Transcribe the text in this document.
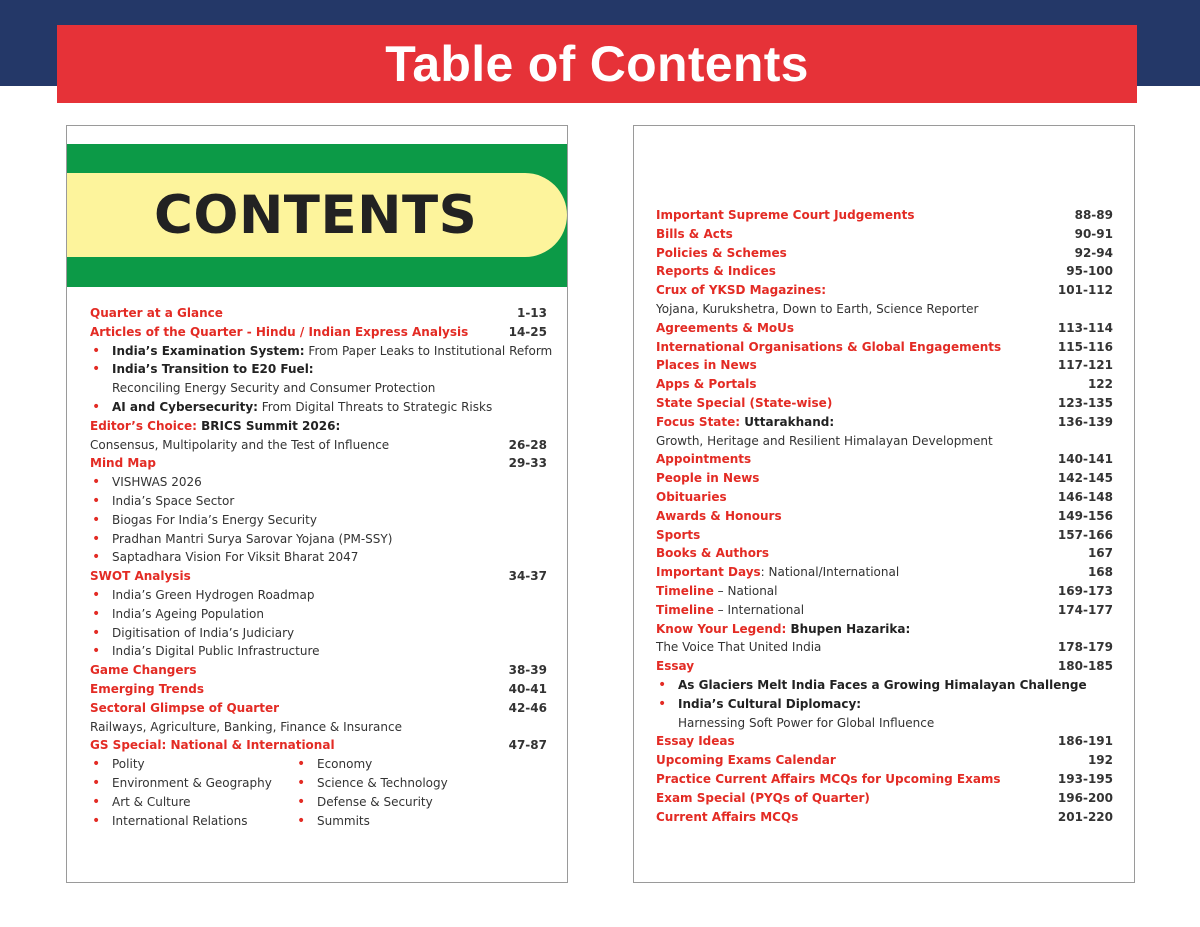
Table of Contents
CONTENTS
Quarter at a Glance	1-13
Articles of the Quarter - Hindu / Indian Express Analysis	14-25
• India’s Examination System: From Paper Leaks to Institutional Reform
• India’s Transition to E20 Fuel:
Reconciling Energy Security and Consumer Protection
• AI and Cybersecurity: From Digital Threats to Strategic Risks
Editor’s Choice: BRICS Summit 2026:
Consensus, Multipolarity and the Test of Influence	26-28
Mind Map	29-33
• VISHWAS 2026
• India’s Space Sector
• Biogas For India’s Energy Security
• Pradhan Mantri Surya Sarovar Yojana (PM-SSY)
• Saptadhara Vision For Viksit Bharat 2047
SWOT Analysis	34-37
• India’s Green Hydrogen Roadmap
• India’s Ageing Population
• Digitisation of India’s Judiciary
• India’s Digital Public Infrastructure
Game Changers	38-39
Emerging Trends	40-41
Sectoral Glimpse of Quarter	42-46
Railways, Agriculture, Banking, Finance & Insurance
GS Special: National & International	47-87
• Polity	• Economy
• Environment & Geography	• Science & Technology
• Art & Culture	• Defense & Security
• International Relations	• Summits
Important Supreme Court Judgements	88-89
Bills & Acts	90-91
Policies & Schemes	92-94
Reports & Indices	95-100
Crux of YKSD Magazines:	101-112
Yojana, Kurukshetra, Down to Earth, Science Reporter
Agreements & MoUs	113-114
International Organisations & Global Engagements	115-116
Places in News	117-121
Apps & Portals	122
State Special (State-wise)	123-135
Focus State: Uttarakhand:	136-139
Growth, Heritage and Resilient Himalayan Development
Appointments	140-141
People in News	142-145
Obituaries	146-148
Awards & Honours	149-156
Sports	157-166
Books & Authors	167
Important Days: National/International	168
Timeline – National	169-173
Timeline – International	174-177
Know Your Legend: Bhupen Hazarika:
The Voice That United India	178-179
Essay	180-185
• As Glaciers Melt India Faces a Growing Himalayan Challenge
• India’s Cultural Diplomacy:
Harnessing Soft Power for Global Influence
Essay Ideas	186-191
Upcoming Exams Calendar	192
Practice Current Affairs MCQs for Upcoming Exams	193-195
Exam Special (PYQs of Quarter)	196-200
Current Affairs MCQs	201-220
